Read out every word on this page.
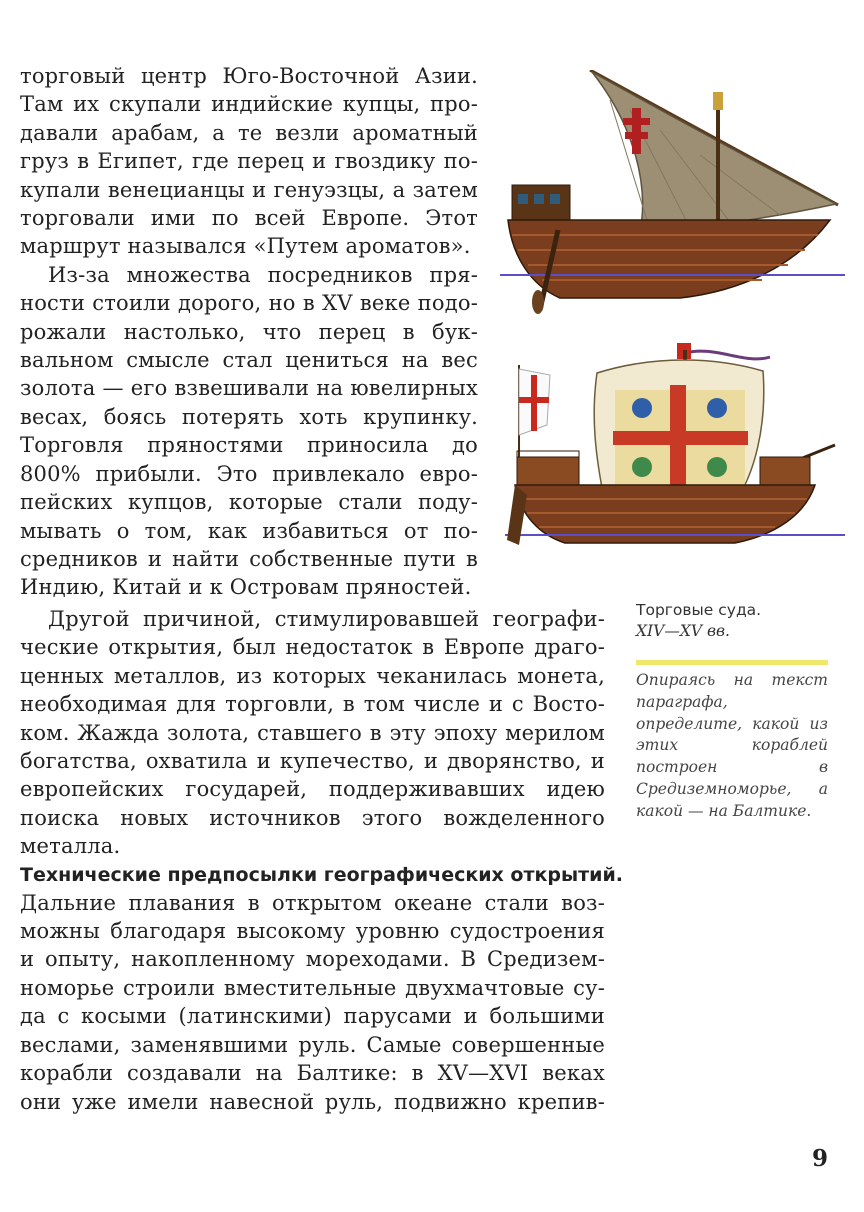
торговый центр Юго-Восточной Азии.
Там их скупали индийские купцы, про-
давали арабам, а те везли ароматный
груз в Египет, где перец и гвоздику по-
купали венецианцы и генуэзцы, а затем
торговали ими по всей Европе. Этот
маршрут назывался «Путем ароматов».
Из-за множества посредников пря-
ности стоили дорого, но в XV веке подо-
рожали настолько, что перец в бук-
вальном смысле стал цениться на вес
золота — его взвешивали на ювелирных
весах, боясь потерять хоть крупинку.
Торговля пряностями приносила до
800% прибыли. Это привлекало евро-
пейских купцов, которые стали поду-
мывать о том, как избавиться от по-
средников и найти собственные пути в
Индию, Китай и к Островам пряностей.
Другой причиной, стимулировавшей географи-
ческие открытия, был недостаток в Европе драго-
ценных металлов, из которых чеканилась монета,
необходимая для торговли, в том числе и с Восто-
ком. Жажда золота, ставшего в эту эпоху мерилом
богатства, охватила и купечество, и дворянство, и
европейских государей, поддерживавших идею
поиска новых источников этого вожделенного
металла.
Технические предпосылки географических открытий.
Дальние плавания в открытом океане стали воз-
можны благодаря высокому уровню судостроения
и опыту, накопленному мореходами. В Средизем-
номорье строили вместительные двухмачтовые су-
да с косыми (латинскими) парусами и большими
веслами, заменявшими руль. Самые совершенные
корабли создавали на Балтике: в XV—XVI веках
они уже имели навесной руль, подвижно крепив-
Торговые суда.
XIV—XV вв.
Опираясь на текст параграфа, определите, какой из этих кораблей построен в Средиземноморье, а какой — на Балтике.
9
